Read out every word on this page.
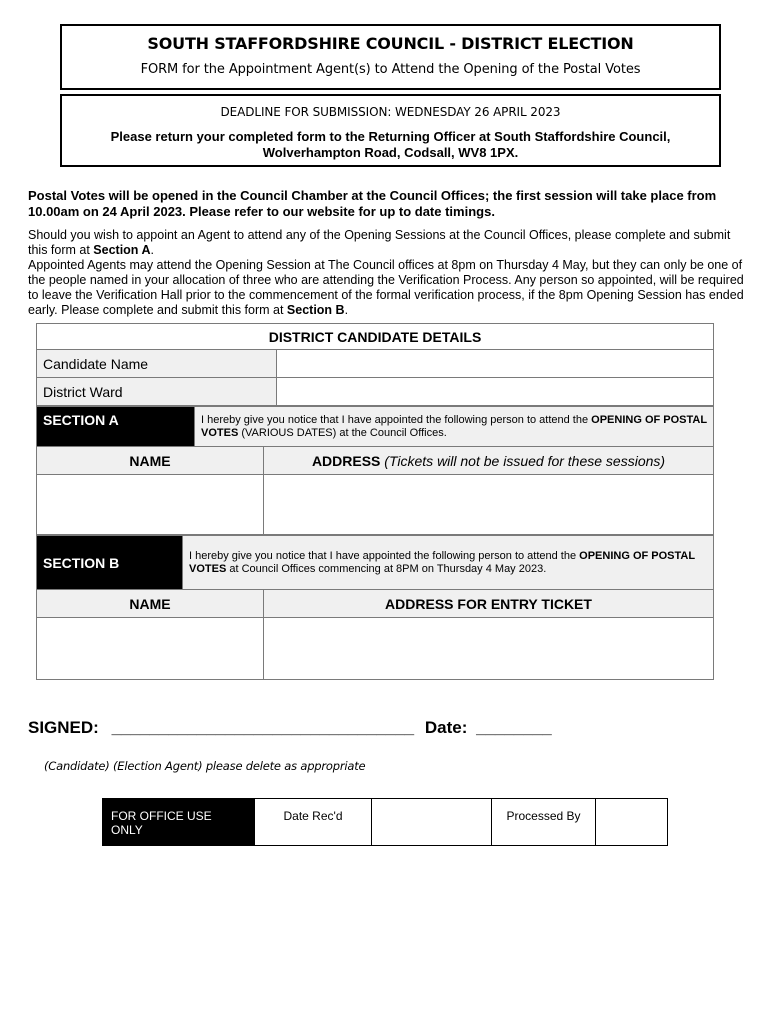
SOUTH STAFFORDSHIRE COUNCIL - DISTRICT ELECTION
FORM for the Appointment Agent(s) to Attend the Opening of the Postal Votes
DEADLINE FOR SUBMISSION: WEDNESDAY 26 APRIL 2023
Please return your completed form to the Returning Officer at South Staffordshire Council, Wolverhampton Road, Codsall, WV8 1PX.
Postal Votes will be opened in the Council Chamber at the Council Offices; the first session will take place from 10.00am on 24 April 2023. Please refer to our website for up to date timings.

Should you wish to appoint an Agent to attend any of the Opening Sessions at the Council Offices, please complete and submit this form at Section A.

Appointed Agents may attend the Opening Session at The Council offices at 8pm on Thursday 4 May, but they can only be one of the people named in your allocation of three who are attending the Verification Process. Any person so appointed, will be required to leave the Verification Hall prior to the commencement of the formal verification process, if the 8pm Opening Session has ended early. Please complete and submit this form at Section B.

DISTRICT CANDIDATE DETAILS	
Candidate Name	
District Ward	
SECTION A	I hereby give you notice that I have appointed the following person to attend the OPENING OF POSTAL VOTES (VARIOUS DATES) at the Council Offices.	
NAME		ADDRESS (Tickets will not be issued for these sessions)

SECTION B	I hereby give you notice that I have appointed the following person to attend the OPENING OF POSTAL VOTES at Council Offices commencing at 8PM on Thursday 4 May 2023.	
NAME		ADDRESS FOR ENTRY TICKET

SIGNED: ________________________________ Date: ________
(Candidate) (Election Agent) please delete as appropriate
FOR OFFICE USE ONLY	Date Rec'd		Processed By	
